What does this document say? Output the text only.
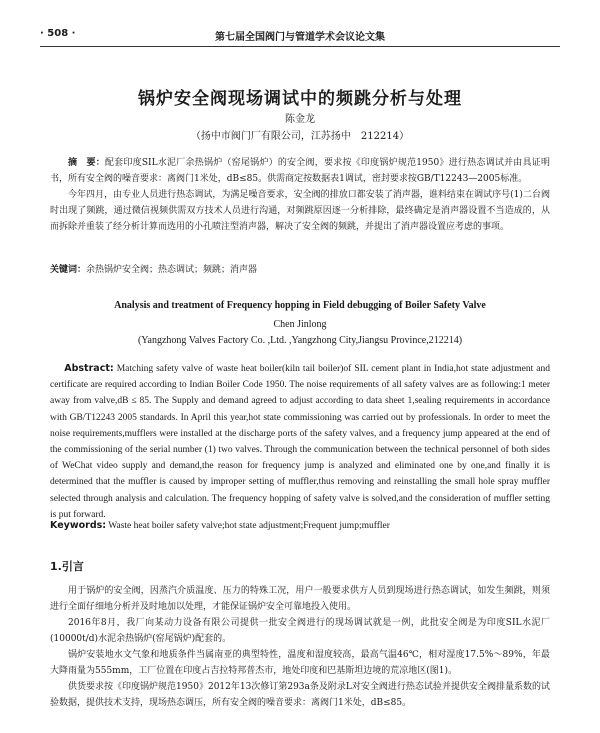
· 508 ·	第七届全国阀门与管道学术会议论文集
锅炉安全阀现场调试中的频跳分析与处理
陈金龙
（扬中市阀门厂有限公司，江苏扬中　212214）

摘　要：配套印度SIL水泥厂余热锅炉（窑尾锅炉）的安全阀，要求按《印度锅炉规范1950》进行热态调试并由具证明书，所有安全阀的噪音要求：离阀门1米处，dB≤85。供需商定按数据表1调试，密封要求按GB/T12243—2005标准。

今年四月，由专业人员进行热态调试，为满足噪音要求，安全阀的排放口都安装了消声器，谁料结束在调试序号(1)二台阀时出现了频跳，通过微信视频供需双方技术人员进行沟通，对频跳原因逐一分析排除，最终确定是消声器设置不当造成的，从而拆除并重装了经分析计算而选用的小孔喷注型消声器，解决了安全阀的频跳，并提出了消声器设置应考虑的事项。

关键词：余热锅炉安全阀；热态调试；频跳；消声器
Analysis and treatment of Frequency hopping in Field debugging of Boiler Safety Valve
Chen Jinlong
(Yangzhong Valves Factory Co. ,Ltd. ,Yangzhong City,Jiangsu Province,212214)

Abstract: Matching safety valve of waste heat boiler(kiln tail boiler)of SIL cement plant in India,hot state adjustment and certificate are required according to Indian Boiler Code 1950. The noise requirements of all safety valves are as following:1 meter away from valve,dB ≤ 85. The Supply and demand agreed to adjust according to data sheet 1,sealing requirements in accordance with GB/T12243 2005 standards. In April this year,hot state commissioning was carried out by professionals. In order to meet the noise requirements,mufflers were installed at the discharge ports of the safety valves, and a frequency jump appeared at the end of the commissioning of the serial number (1) two valves. Through the communication between the technical personnel of both sides of WeChat video supply and demand,the reason for frequency jump is analyzed and eliminated one by one,and finally it is determined that the muffler is caused by improper setting of muffler,thus removing and reinstalling the small hole spray muffler selected through analysis and calculation. The frequency hopping of safety valve is solved,and the consideration of muffler setting is put forward.

Keywords: Waste heat boiler safety valve;hot state adjustment;Frequent jump;muffler
1.引言

用于锅炉的安全阀，因蒸汽介质温度、压力的特殊工况，用户一般要求供方人员到现场进行热态调试，如发生频跳，则须进行全面仔细地分析并及时地加以处理，才能保证锅炉安全可靠地投入使用。

2016年8月，我厂向某动力设备有限公司提供一批安全阀进行的现场调试就是一例，此批安全阀是为印度SIL水泥厂(10000t/d)水泥余热锅炉(窑尾锅炉)配套的。

锅炉安装地水文气象和地质条件当属南亚的典型特性，温度和湿度较高，最高气温46℃，相对湿度17.5%～89%，年最大降雨量为555mm，工厂位置在印度占吉拉特邦普杰市，地处印度和巴基斯坦边境的荒凉地区(图1)。

供货要求按《印度锅炉规范1950》2012年13次修订第293a条及附录L对安全阀进行热态试验并提供安全阀排量系数的试验数据，提供技术支持，现场热态调压，所有安全阀的噪音要求：离阀门1米处，dB≤85。
